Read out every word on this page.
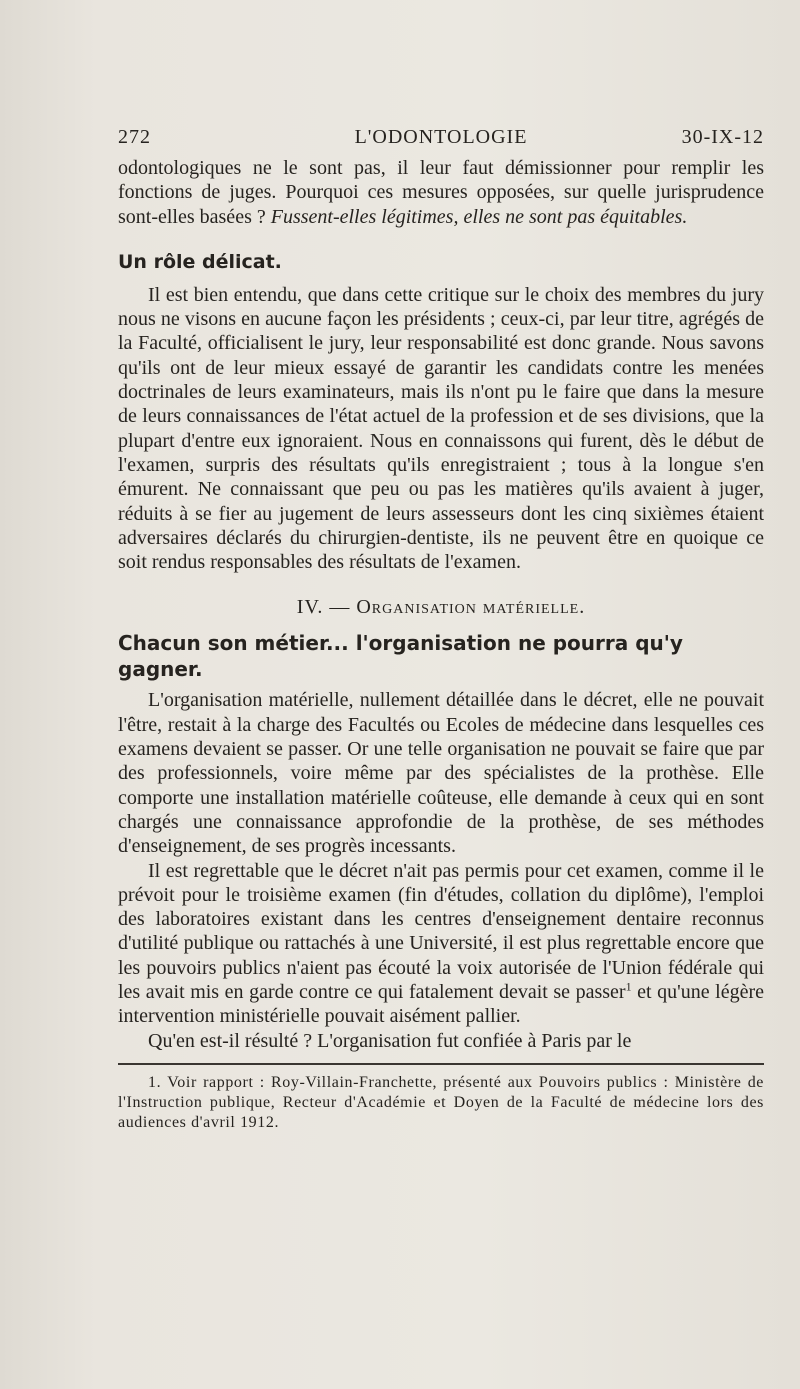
272	L'ODONTOLOGIE	30-IX-12

odontologiques ne le sont pas, il leur faut démissionner pour remplir les fonctions de juges. Pourquoi ces mesures opposées, sur quelle jurisprudence sont-elles basées ? Fussent-elles légitimes, elles ne sont pas équitables.

Un rôle délicat.

Il est bien entendu, que dans cette critique sur le choix des membres du jury nous ne visons en aucune façon les présidents ; ceux-ci, par leur titre, agrégés de la Faculté, officialisent le jury, leur responsabilité est donc grande. Nous savons qu'ils ont de leur mieux essayé de garantir les candidats contre les menées doctrinales de leurs examinateurs, mais ils n'ont pu le faire que dans la mesure de leurs connaissances de l'état actuel de la profession et de ses divisions, que la plupart d'entre eux ignoraient. Nous en connaissons qui furent, dès le début de l'examen, surpris des résultats qu'ils enregistraient ; tous à la longue s'en émurent. Ne connaissant que peu ou pas les matières qu'ils avaient à juger, réduits à se fier au jugement de leurs assesseurs dont les cinq sixièmes étaient adversaires déclarés du chirurgien-dentiste, ils ne peuvent être en quoique ce soit rendus responsables des résultats de l'examen.

IV. — Organisation matérielle.
Chacun son métier... l'organisation ne pourra qu'y gagner.

L'organisation matérielle, nullement détaillée dans le décret, elle ne pouvait l'être, restait à la charge des Facultés ou Ecoles de médecine dans lesquelles ces examens devaient se passer. Or une telle organisation ne pouvait se faire que par des professionnels, voire même par des spécialistes de la prothèse. Elle comporte une installation matérielle coûteuse, elle demande à ceux qui en sont chargés une connaissance approfondie de la prothèse, de ses méthodes d'enseignement, de ses progrès incessants.

Il est regrettable que le décret n'ait pas permis pour cet examen, comme il le prévoit pour le troisième examen (fin d'études, collation du diplôme), l'emploi des laboratoires existant dans les centres d'enseignement dentaire reconnus d'utilité publique ou rattachés à une Université, il est plus regrettable encore que les pouvoirs publics n'aient pas écouté la voix autorisée de l'Union fédérale qui les avait mis en garde contre ce qui fatalement devait se passer$^1$ et qu'une légère intervention ministérielle pouvait aisément pallier.

Qu'en est-il résulté ? L'organisation fut confiée à Paris par le

1. Voir rapport : Roy-Villain-Franchette, présenté aux Pouvoirs publics : Ministère de l'Instruction publique, Recteur d'Académie et Doyen de la Faculté de médecine lors des audiences d'avril 1912.
